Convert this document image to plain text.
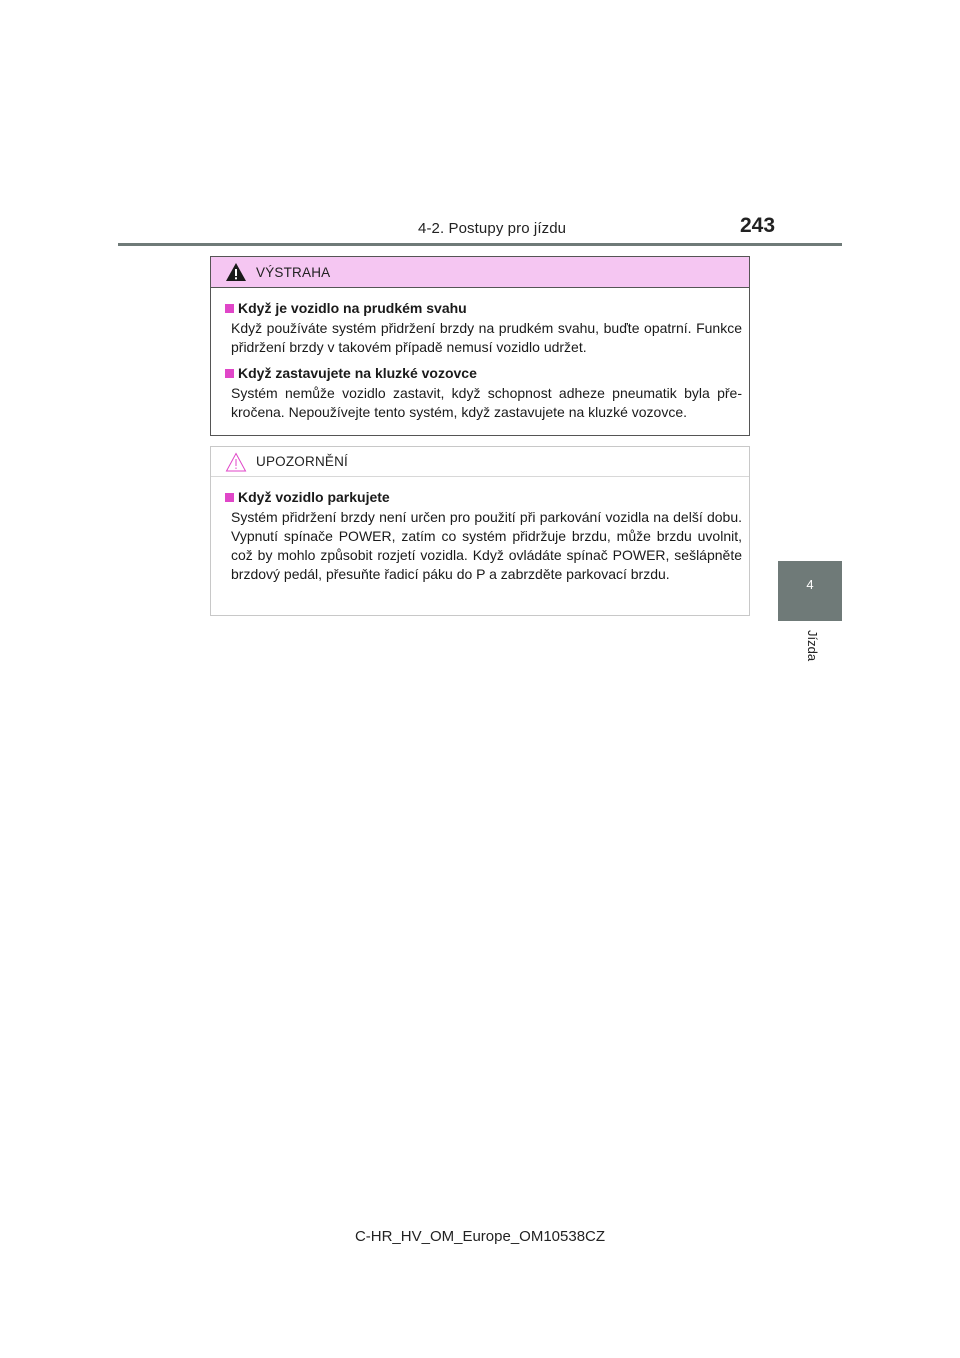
4-2. Postupy pro jízdu	243
4
Jízda
VÝSTRAHA
Když je vozidlo na prudkém svahu
Když používáte systém přidržení brzdy na prudkém svahu, buďte opatrní. Funkce přidržení brzdy v takovém případě nemusí vozidlo udržet.
Když zastavujete na kluzké vozovce
Systém nemůže vozidlo zastavit, když schopnost adheze pneumatik byla pře-kročena. Nepoužívejte tento systém, když zastavujete na kluzké vozovce.
UPOZORNĚNÍ
Když vozidlo parkujete
Systém přidržení brzdy není určen pro použití při parkování vozidla na delší dobu. Vypnutí spínače POWER, zatím co systém přidržuje brzdu, může brzdu uvolnit, což by mohlo způsobit rozjetí vozidla. Když ovládáte spínač POWER, sešlápněte brzdový pedál, přesuňte řadicí páku do P a zabrzděte parkovací brzdu.
C-HR_HV_OM_Europe_OM10538CZ
